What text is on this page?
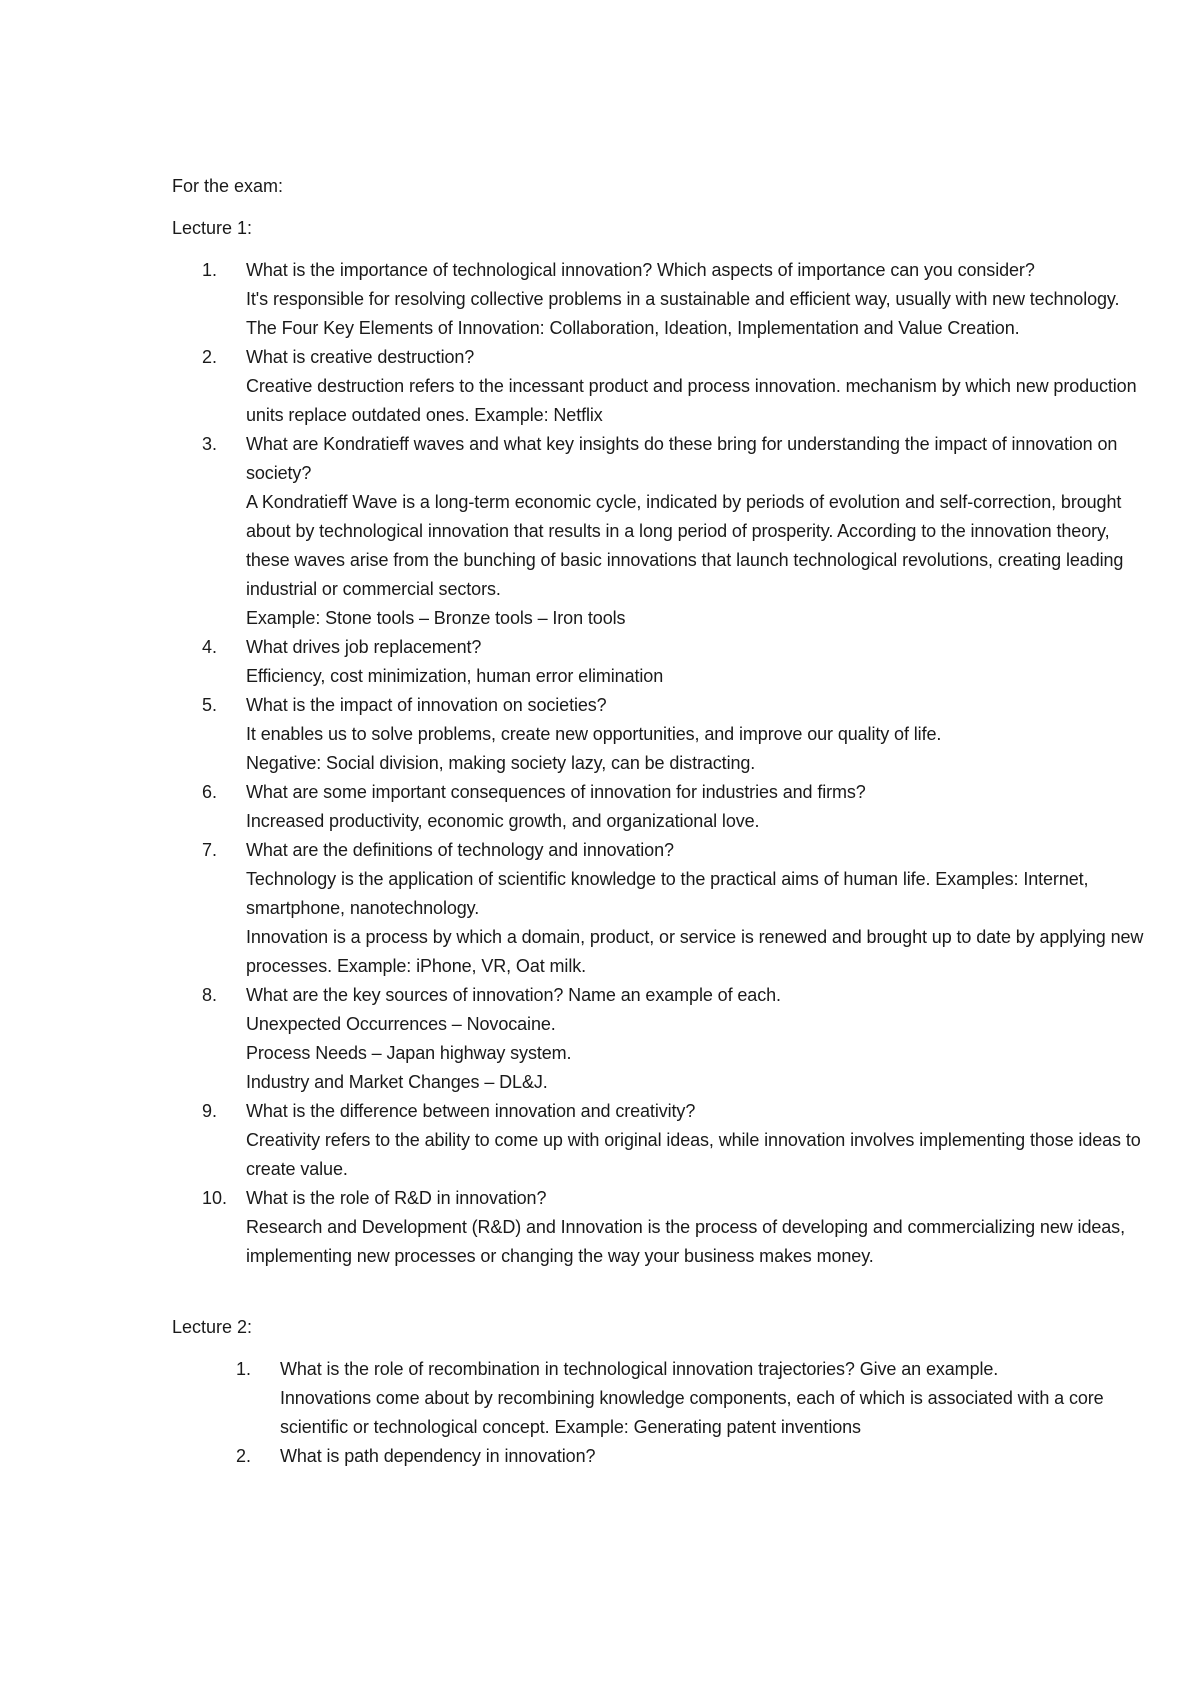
For the exam:

Lecture 1:

1.	What is the importance of technological innovation? Which aspects of importance can you consider?
It's responsible for resolving collective problems in a sustainable and efficient way, usually with new technology. The Four Key Elements of Innovation: Collaboration, Ideation, Implementation and Value Creation.
2.	What is creative destruction?
Creative destruction refers to the incessant product and process innovation. mechanism by which new production units replace outdated ones. Example: Netflix
3.	What are Kondratieff waves and what key insights do these bring for understanding the impact of innovation on society?
A Kondratieff Wave is a long-term economic cycle, indicated by periods of evolution and self-correction, brought about by technological innovation that results in a long period of prosperity. According to the innovation theory, these waves arise from the bunching of basic innovations that launch technological revolutions, creating leading industrial or commercial sectors.
Example: Stone tools – Bronze tools – Iron tools
4.	What drives job replacement?
Efficiency, cost minimization, human error elimination
5.	What is the impact of innovation on societies?
It enables us to solve problems, create new opportunities, and improve our quality of life.
Negative: Social division, making society lazy, can be distracting.
6.	What are some important consequences of innovation for industries and firms?
Increased productivity, economic growth, and organizational love.
7.	What are the definitions of technology and innovation?
Technology is the application of scientific knowledge to the practical aims of human life. Examples: Internet, smartphone, nanotechnology.
Innovation is a process by which a domain, product, or service is renewed and brought up to date by applying new processes. Example: iPhone, VR, Oat milk.
8.	What are the key sources of innovation? Name an example of each.
Unexpected Occurrences – Novocaine.
Process Needs – Japan highway system.
Industry and Market Changes – DL&J.
9.	What is the difference between innovation and creativity?
Creativity refers to the ability to come up with original ideas, while innovation involves implementing those ideas to create value.
10.	What is the role of R&D in innovation?
Research and Development (R&D) and Innovation is the process of developing and commercializing new ideas, implementing new processes or changing the way your business makes money.

Lecture 2:

1.	What is the role of recombination in technological innovation trajectories? Give an example.
Innovations come about by recombining knowledge components, each of which is associated with a core scientific or technological concept. Example: Generating patent inventions
2.	What is path dependency in innovation?
